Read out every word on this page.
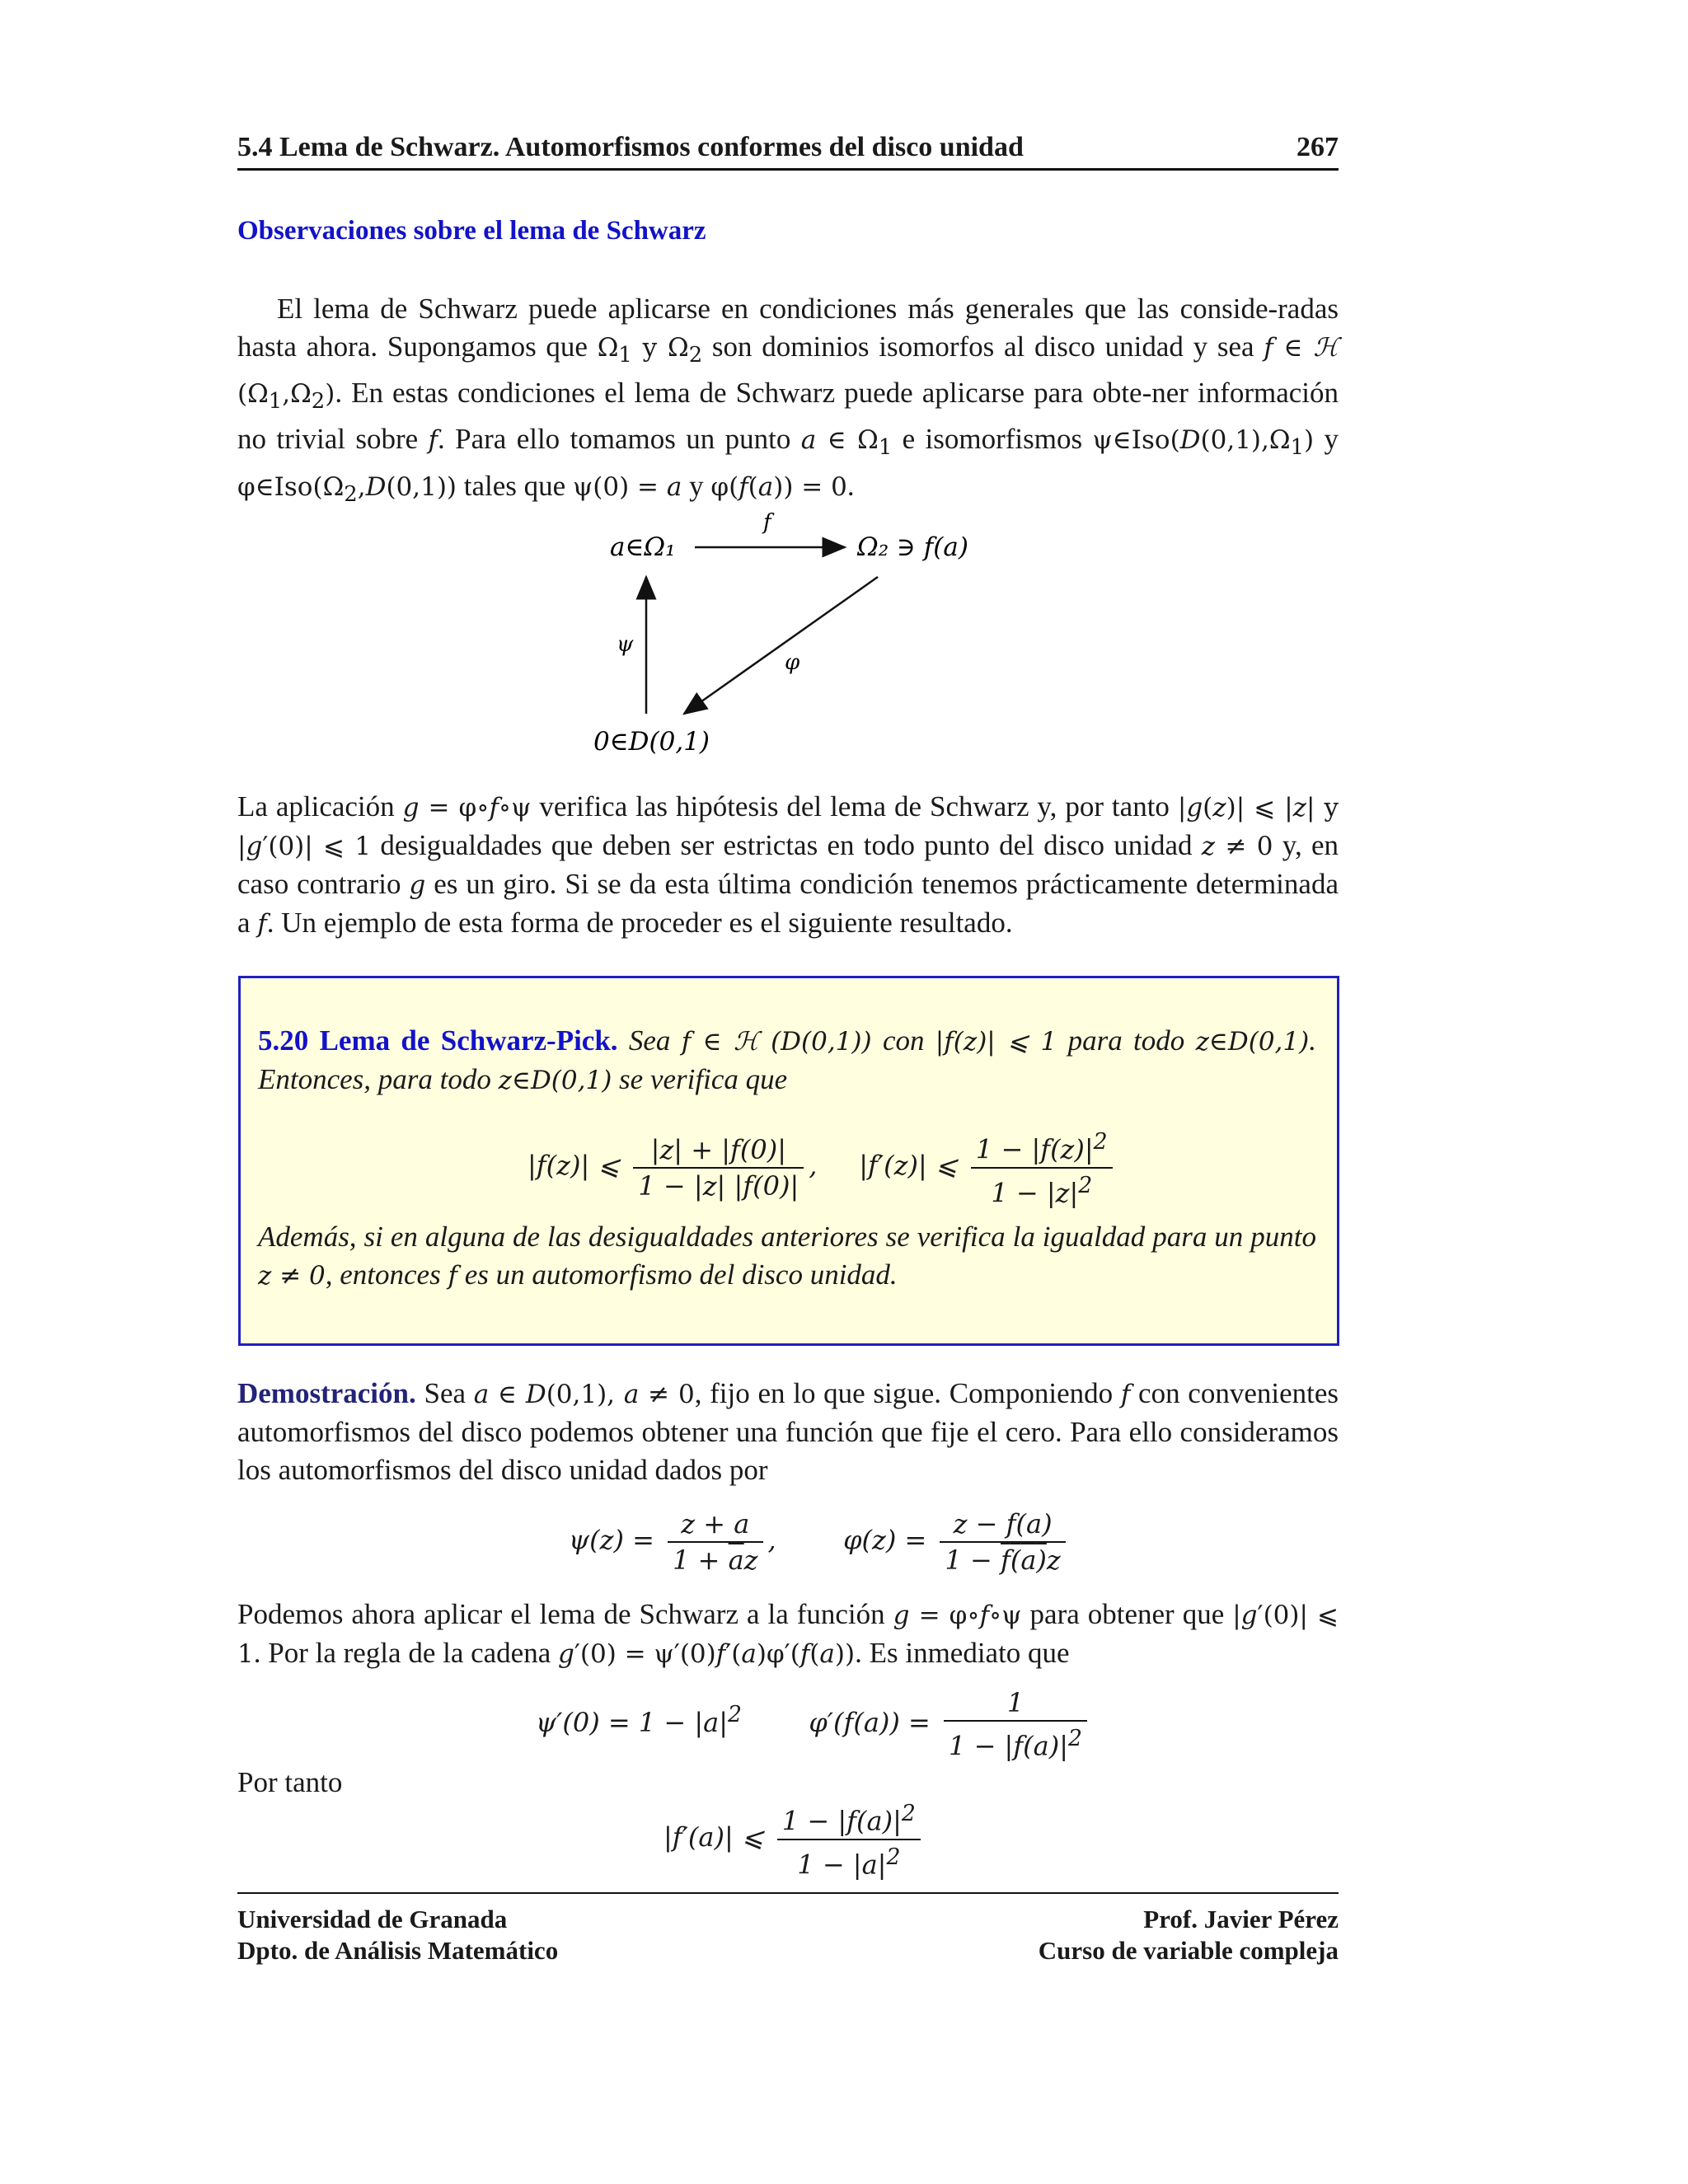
5.4 Lema de Schwarz. Automorfismos conformes del disco unidad	267
Observaciones sobre el lema de Schwarz
El lema de Schwarz puede aplicarse en condiciones más generales que las conside-radas hasta ahora. Supongamos que $\Omega_1$ y $\Omega_2$ son dominios isomorfos al disco unidad y sea f ∈ ℋ $(\Omega_1,\Omega_2)$. En estas condiciones el lema de Schwarz puede aplicarse para obte-ner información no trivial sobre f. Para ello tomamos un punto a ∈ $\Omega_1$ e isomorfismos $\psi\in Iso(D(0,1),\Omega_1)$ y $\varphi\in Iso(\Omega_2,D(0,1))$ tales que ψ(0) = a y φ(f(a)) = 0.
a∈Ω₁	Ω₂ ∋ f(a)
0∈D(0,1)
f
ψ
φ
La aplicación g = φ∘f∘ψ verifica las hipótesis del lema de Schwarz y, por tanto |g(z)| ⩽ |z| y |g′(0)| ⩽ 1 desigualdades que deben ser estrictas en todo punto del disco unidad z ≠ 0 y, en caso contrario g es un giro. Si se da esta última condición tenemos prácticamente determinada a f. Un ejemplo de esta forma de proceder es el siguiente resultado.
5.20 Lema de Schwarz-Pick. Sea f ∈ ℋ (D(0,1)) con |f(z)| ⩽ 1 para todo z∈D(0,1). Entonces, para todo z∈D(0,1) se verifica que
|f(z)| ⩽ $\frac{|z| + |f(0)|}{1 - |z| |f(0)|}$ ,     |f′(z)| ⩽ $\frac{1 - |f(z)|^2}{1 - |z|^2}$
Además, si en alguna de las desigualdades anteriores se verifica la igualdad para un punto z ≠ 0, entonces f es un automorfismo del disco unidad.
Demostración. Sea a ∈ D(0,1), a ≠ 0, fijo en lo que sigue. Componiendo f con convenientes automorfismos del disco podemos obtener una función que fije el cero. Para ello consideramos los automorfismos del disco unidad dados por
$\psi(z) = \frac{z + a}{1 + \overline{a}z}$ ,        $\varphi(z) = \frac{z - f(a)}{1 - f(a)z}$
Podemos ahora aplicar el lema de Schwarz a la función g = φ∘f∘ψ para obtener que |g′(0)| ⩽ 1. Por la regla de la cadena g′(0) = ψ′(0)f′(a)φ′(f(a)). Es inmediato que
$\psi'(0) = 1 - |a|^2$        $\varphi'(f(a)) = \frac{1}{1 - |f(a)|^2}$
Por tanto
|f′(a)| ⩽ $\frac{1 - |f(a)|^2}{1 - |a|^2}$
Universidad de Granada
Dpto. de Análisis Matemático
Prof. Javier Pérez
Curso de variable compleja
